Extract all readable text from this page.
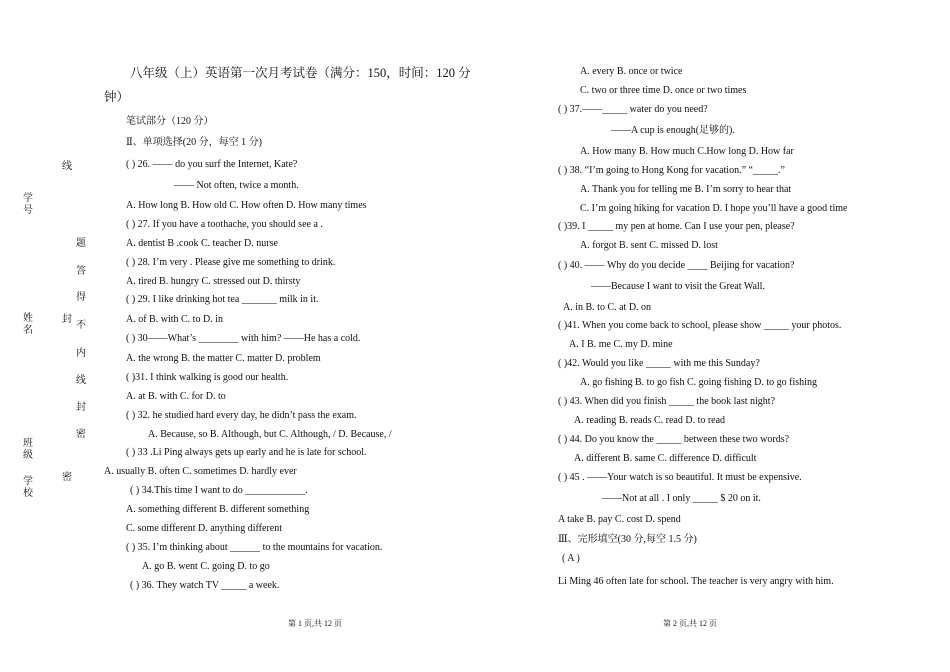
八年级（上）英语第一次月考试卷（满分：150，时间：120 分
钟）
笔试部分（120 分）
Ⅱ、单项选择(20 分，每空 1 分)
学号
姓名
班级
学校
线
题
答
得
封
不
内
线
封
密
密
( ) 26. —— do you surf the Internet, Kate?
—— Not often, twice a month.
A. How long B. How old C. How often D. How many times
( ) 27. If you have a toothache, you should see a .
A. dentist B .cook C. teacher D. nurse
( ) 28. I’m very . Please give me something to drink.
A. tired B. hungry C. stressed out D. thirsty
( ) 29. I like drinking hot tea _______ milk in it.
A. of B. with C. to D. in
( ) 30——What’s ________ with him? ——He has a cold.
A. the wrong B. the matter C. matter D. problem
( )31. I think walking is good our health.
A. at B. with C. for D. to
( ) 32. he studied hard every day, he didn’t pass the exam.
A. Because, so B. Although, but C. Although, / D. Because, /
( ) 33 .Li Ping always gets up early and he is late for school.
A. usually B. often C. sometimes D. hardly ever
( ) 34.This time I want to do ____________.
A. something different B. different something
C. some different D. anything different
( ) 35. I’m thinking about ______ to the mountains for vacation.
A. go B. went C. going D. to go
( ) 36. They watch TV _____ a week.
A. every B. once or twice
C. two or three time D. once or two times
( ) 37.——_____ water do you need?
——A cup is enough(足够的).
A. How many B. How much C.How long D. How far
( ) 38. “I’m going to Hong Kong for vacation.” “_____.”
A. Thank you for telling me B. I’m sorry to hear that
C. I’m going hiking for vacation D. I hope you’ll have a good time
( )39. I _____ my pen at home. Can I use your pen, please?
A. forgot B. sent C. missed D. lost
( ) 40. —— Why do you decide ____ Beijing for vacation?
——Because I want to visit the Great Wall.
A. in B. to C. at D. on
( )41. When you come back to school, please show _____ your photos.
A. I B. me C. my D. mine
( )42. Would you like _____ with me this Sunday?
A. go fishing B. to go fish C. going fishing D. to go fishing
( ) 43. When did you finish _____ the book last night?
A. reading B. reads C. read D. to read
( ) 44. Do you know the _____ between these two words?
A. different B. same C. difference D. difficult
( ) 45 . ——Your watch is so beautiful. It must be expensive.
——Not at all . I only _____ $ 20 on it.
A take B. pay C. cost D. spend
Ⅲ、完形填空(30 分,每空 1.5 分)
( A )
Li Ming 46 often late for school. The teacher is very angry with him.
第 1 页,共 12 页	第 2 页,共 12 页
